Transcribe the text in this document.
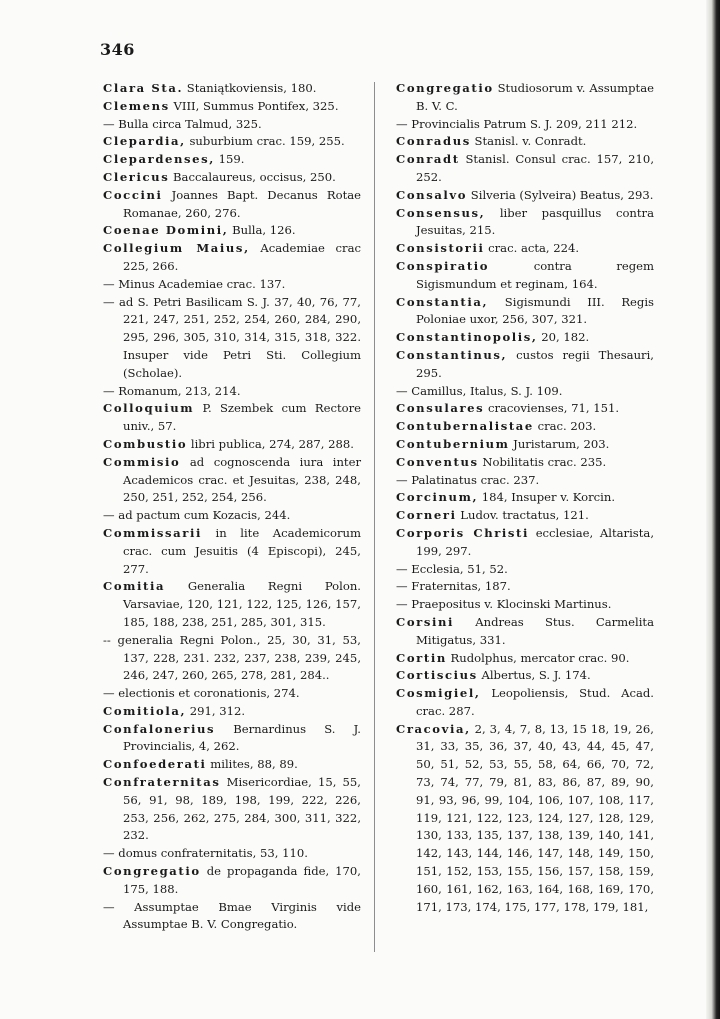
346
Clara Sta. Staniątkoviensis, 180.
Clemens VIII, Summus Pontifex, 325.
— Bulla circa Talmud, 325.
Clepardia, suburbium crac. 159, 255.
Clepardenses, 159.
Clericus Baccalaureus, occisus, 250.
Coccini Joannes Bapt. Decanus Rotae Romanae, 260, 276.
Coenae Domini, Bulla, 126.
Collegium Maius, Academiae crac 225, 266.
— Minus Academiae crac. 137.
— ad S. Petri Basilicam S. J. 37, 40, 76, 77, 221, 247, 251, 252, 254, 260, 284, 290, 295, 296, 305, 310, 314, 315, 318, 322. Insuper vide Petri Sti. Collegium (Scholae).
— Romanum, 213, 214.
Colloquium P. Szembek cum Rectore univ., 57.
Combustio libri publica, 274, 287, 288.
Commisio ad cognoscenda iura inter Academicos crac. et Jesuitas, 238, 248, 250, 251, 252, 254, 256.
— ad pactum cum Kozacis, 244.
Commissarii in lite Academicorum crac. cum Jesuitis (4 Episcopi), 245, 277.
Comitia Generalia Regni Polon. Varsaviae, 120, 121, 122, 125, 126, 157, 185, 188, 238, 251, 285, 301, 315.
-- generalia Regni Polon., 25, 30, 31, 53, 137, 228, 231. 232, 237, 238, 239, 245, 246, 247, 260, 265, 278, 281, 284..
— electionis et coronationis, 274.
Comitiola, 291, 312.
Confalonerius Bernardinus S. J. Provincialis, 4, 262.
Confoederati milites, 88, 89.
Confraternitas Misericordiae, 15, 55, 56, 91, 98, 189, 198, 199, 222, 226, 253, 256, 262, 275, 284, 300, 311, 322, 232.
— domus confraternitatis, 53, 110.
Congregatio de propaganda fide, 170, 175, 188.
— Assumptae Bmae Virginis vide Assumptae B. V. Congregatio.
Congregatio Studiosorum v. Assumptae B. V. C.
— Provincialis Patrum S. J. 209, 211 212.
Conradus Stanisl. v. Conradt.
Conradt Stanisl. Consul crac. 157, 210, 252.
Consalvo Silveria (Sylveira) Beatus, 293.
Consensus, liber pasquillus contra Jesuitas, 215.
Consistorii crac. acta, 224.
Conspiratio contra regem Sigismundum et reginam, 164.
Constantia, Sigismundi III. Regis Poloniae uxor, 256, 307, 321.
Constantinopolis, 20, 182.
Constantinus, custos regii Thesauri, 295.
— Camillus, Italus, S. J. 109.
Consulares cracovienses, 71, 151.
Contubernalistae crac. 203.
Contubernium Juristarum, 203.
Conventus Nobilitatis crac. 235.
— Palatinatus crac. 237.
Corcinum, 184, Insuper v. Korcin.
Corneri Ludov. tractatus, 121.
Corporis Christi ecclesiae, Altarista, 199, 297.
— Ecclesia, 51, 52.
— Fraternitas, 187.
— Praepositus v. Klocinski Martinus.
Corsini Andreas Stus. Carmelita Mitigatus, 331.
Cortin Rudolphus, mercator crac. 90.
Cortiscius Albertus, S. J. 174.
Cosmigiel, Leopoliensis, Stud. Acad. crac. 287.
Cracovia, 2, 3, 4, 7, 8, 13, 15 18, 19, 26, 31, 33, 35, 36, 37, 40, 43, 44, 45, 47, 50, 51, 52, 53, 55, 58, 64, 66, 70, 72, 73, 74, 77, 79, 81, 83, 86, 87, 89, 90, 91, 93, 96, 99, 104, 106, 107, 108, 117, 119, 121, 122, 123, 124, 127, 128, 129, 130, 133, 135, 137, 138, 139, 140, 141, 142, 143, 144, 146, 147, 148, 149, 150, 151, 152, 153, 155, 156, 157, 158, 159, 160, 161, 162, 163, 164, 168, 169, 170, 171, 173, 174, 175, 177, 178, 179, 181,
